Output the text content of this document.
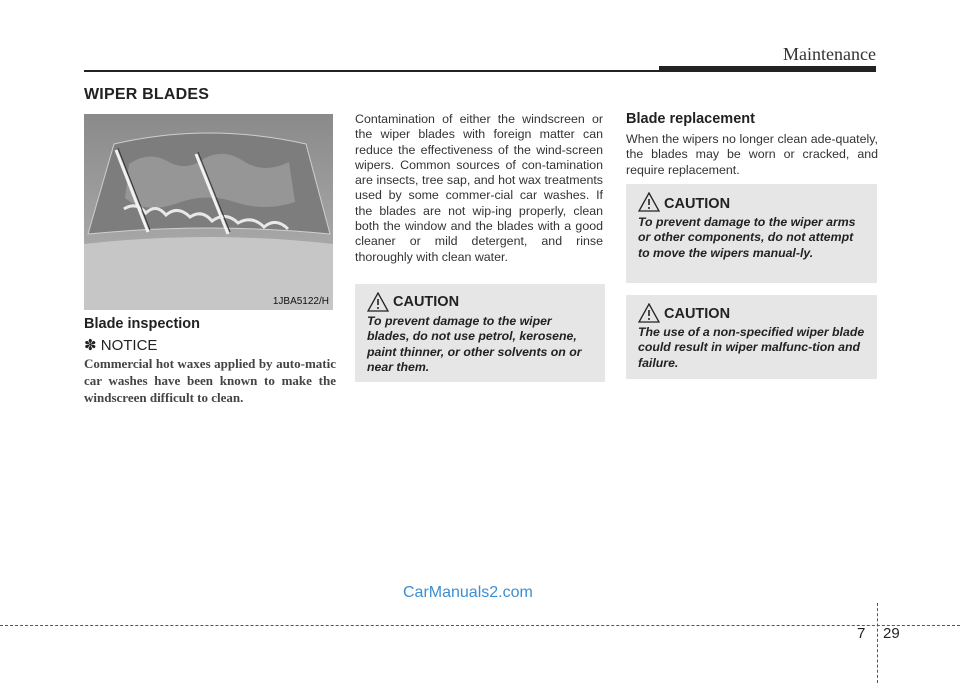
Maintenance
WIPER BLADES
1JBA5122/H
Blade inspection
✽ NOTICE
Commercial hot waxes applied by auto-matic car washes have been known to make the windscreen difficult to clean.
Contamination of either the windscreen or the wiper blades with foreign matter can reduce the effectiveness of the wind-screen wipers. Common sources of con-tamination are insects, tree sap, and hot wax treatments used by some commer-cial car washes. If the blades are not wip-ing properly, clean both the window and the blades with a good cleaner or mild detergent, and rinse thoroughly with clean water.
CAUTION
To prevent damage to the wiper blades, do not use petrol, kerosene, paint thinner, or other solvents on or near them.
Blade replacement
When the wipers no longer clean ade-quately, the blades may be worn or cracked, and require replacement.
CAUTION
To prevent damage to the wiper arms or other components, do not attempt to move the wipers manual-ly.
CAUTION
The use of a non-specified wiper blade could result in wiper malfunc-tion and failure.
CarManuals2.com
7 29
